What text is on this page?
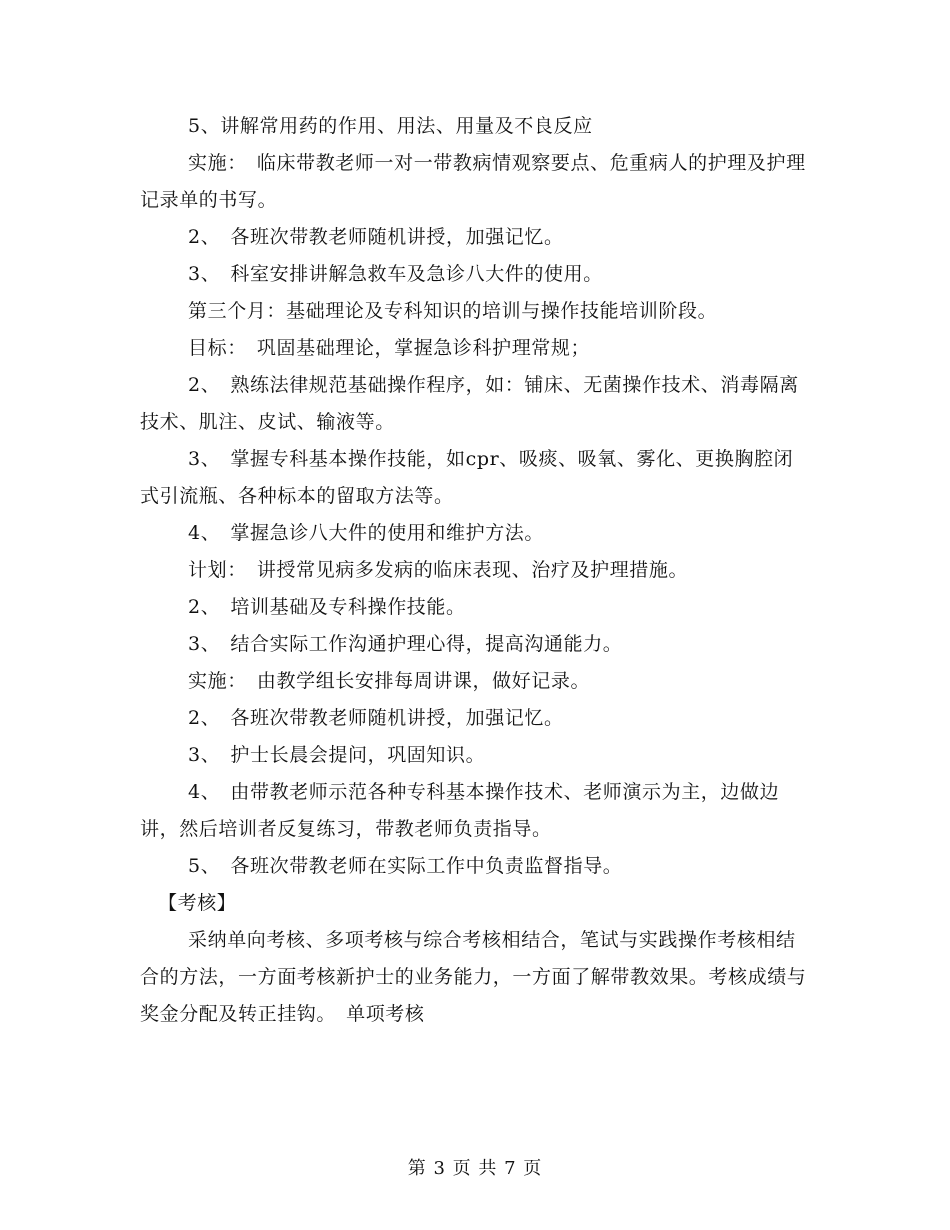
5、讲解常用药的作用、用法、用量及不良反应

实施：　临床带教老师一对一带教病情观察要点、危重病人的护理及护理记录单的书写。

2、　各班次带教老师随机讲授，加强记忆。

3、　科室安排讲解急救车及急诊八大件的使用。

第三个月：基础理论及专科知识的培训与操作技能培训阶段。

目标：　巩固基础理论，掌握急诊科护理常规；

2、　熟练法律规范基础操作程序，如：铺床、无菌操作技术、消毒隔离技术、肌注、皮试、输液等。

3、　掌握专科基本操作技能，如cpr、吸痰、吸氧、雾化、更换胸腔闭式引流瓶、各种标本的留取方法等。

4、　掌握急诊八大件的使用和维护方法。

计划：　讲授常见病多发病的临床表现、治疗及护理措施。

2、　培训基础及专科操作技能。

3、　结合实际工作沟通护理心得，提高沟通能力。

实施：　由教学组长安排每周讲课，做好记录。

2、　各班次带教老师随机讲授，加强记忆。

3、　护士长晨会提问，巩固知识。

4、　由带教老师示范各种专科基本操作技术、老师演示为主，边做边讲，然后培训者反复练习，带教老师负责指导。

5、　各班次带教老师在实际工作中负责监督指导。

【考核】

采纳单向考核、多项考核与综合考核相结合，笔试与实践操作考核相结合的方法，一方面考核新护士的业务能力，一方面了解带教效果。考核成绩与奖金分配及转正挂钩。　单项考核

第 3 页 共 7 页
